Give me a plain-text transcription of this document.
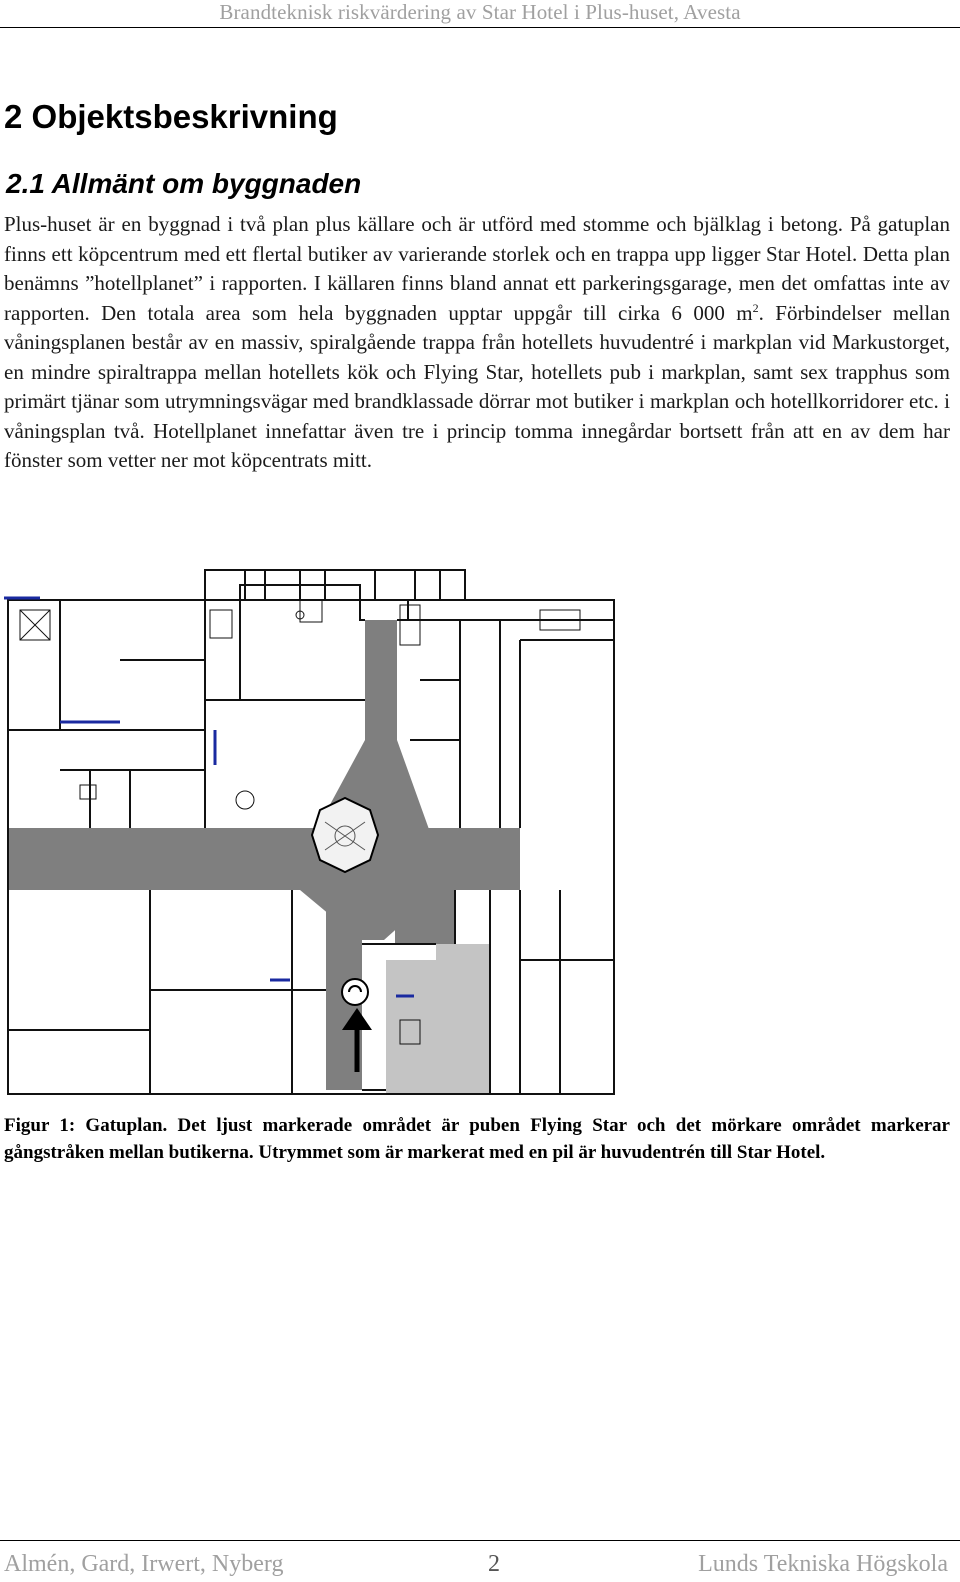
Brandteknisk riskvärdering av Star Hotel i Plus-huset, Avesta
2 Objektsbeskrivning
2.1 Allmänt om byggnaden

Plus-huset är en byggnad i två plan plus källare och är utförd med stomme och bjälklag i betong. På gatuplan finns ett köpcentrum med ett flertal butiker av varierande storlek och en trappa upp ligger Star Hotel. Detta plan benämns ”hotellplanet” i rapporten. I källaren finns bland annat ett parkeringsgarage, men det omfattas inte av rapporten. Den totala area som hela byggnaden upptar uppgår till cirka 6 000 $m^2$. Förbindelser mellan våningsplanen består av en massiv, spiralgående trappa från hotellets huvudentré i markplan vid Markustorget, en mindre spiraltrappa mellan hotellets kök och Flying Star, hotellets pub i markplan, samt sex trapphus som primärt tjänar som utrymningsvägar med brandklassade dörrar mot butiker i markplan och hotellkorridorer etc. i våningsplan två. Hotellplanet innefattar även tre i princip tomma innegårdar bortsett från att en av dem har fönster som vetter ner mot köpcentrats mitt.

Figur 1: Gatuplan. Det ljust markerade området är puben Flying Star och det mörkare området markerar gångstråken mellan butikerna. Utrymmet som är markerat med en pil är huvudentrén till Star Hotel.

Almén, Gard, Irwert, Nyberg	2	Lunds Tekniska Högskola
